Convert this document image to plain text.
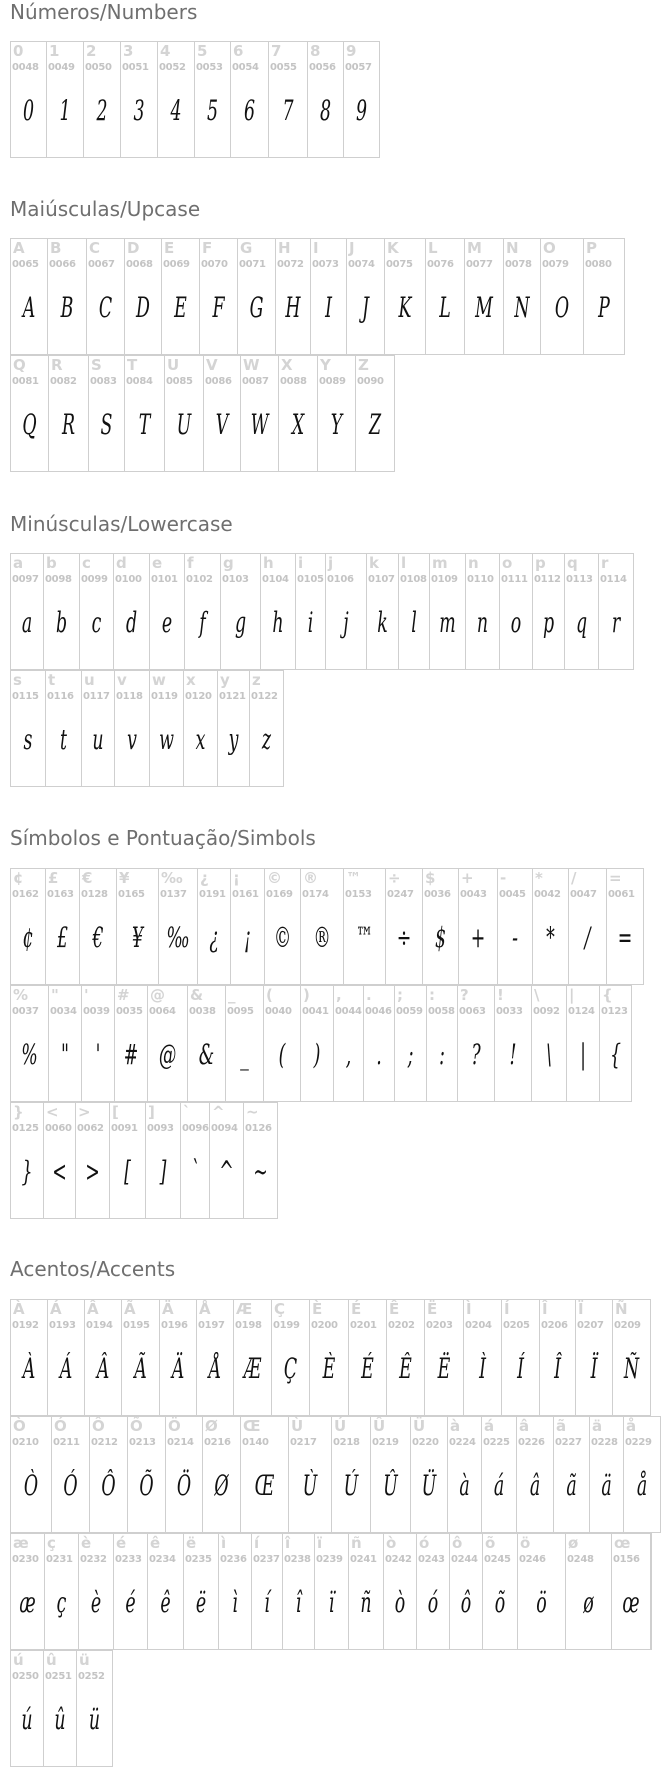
Números/Numbers
0
0048
0
1
0049
1
2
0050
2
3
0051
3
4
0052
4
5
0053
5
6
0054
6
7
0055
7
8
0056
8
9
0057
9
Maiúsculas/Upcase
A
0065
A
B
0066
B
C
0067
C
D
0068
D
E
0069
E
F
0070
F
G
0071
G
H
0072
H
I
0073
I
J
0074
J
K
0075
K
L
0076
L
M
0077
M
N
0078
N
O
0079
O
P
0080
P
Q
0081
Q
R
0082
R
S
0083
S
T
0084
T
U
0085
U
V
0086
V
W
0087
W
X
0088
X
Y
0089
Y
Z
0090
Z
Minúsculas/Lowercase
a
0097
a
b
0098
b
c
0099
c
d
0100
d
e
0101
e
f
0102
f
g
0103
g
h
0104
h
i
0105
i
j
0106
j
k
0107
k
l
0108
l
m
0109
m
n
0110
n
o
0111
o
p
0112
p
q
0113
q
r
0114
r
s
0115
s
t
0116
t
u
0117
u
v
0118
v
w
0119
w
x
0120
x
y
0121
y
z
0122
z
Símbolos e Pontuação/Simbols
¢
0162
¢
£
0163
£
€
0128
€
¥
0165
¥
‰
0137
‰
¿
0191
¿
¡
0161
¡
©
0169
©
®
0174
®
™
0153
™
÷
0247
÷
$
0036
$
+
0043
+
-
0045
-
*
0042
*
/
0047
/
=
0061
=
%
0037
%
"
0034
"
'
0039
'
#
0035
#
@
0064
@
&
0038
&
_
0095
_
(
0040
(
)
0041
)
,
0044
,
.
0046
.
;
0059
;
:
0058
:
?
0063
?
!
0033
!
\
0092
\
|
0124
|
{
0123
{
}
0125
}
<
0060
<
>
0062
>
[
0091
[
]
0093
]
`
0096
`
^
0094
^
~
0126
~
Acentos/Accents
À
0192
À
Á
0193
Á
Â
0194
Â
Ã
0195
Ã
Ä
0196
Ä
Å
0197
Å
Æ
0198
Æ
Ç
0199
Ç
È
0200
È
É
0201
É
Ê
0202
Ê
Ë
0203
Ë
Ì
0204
Ì
Í
0205
Í
Î
0206
Î
Ï
0207
Ï
Ñ
0209
Ñ
Ò
0210
Ò
Ó
0211
Ó
Ô
0212
Ô
Õ
0213
Õ
Ö
0214
Ö
Ø
0216
Ø
Œ
0140
Œ
Ù
0217
Ù
Ú
0218
Ú
Û
0219
Û
Ü
0220
Ü
à
0224
à
á
0225
á
â
0226
â
ã
0227
ã
ä
0228
ä
å
0229
å
æ
0230
æ
ç
0231
ç
è
0232
è
é
0233
é
ê
0234
ê
ë
0235
ë
ì
0236
ì
í
0237
í
î
0238
î
ï
0239
ï
ñ
0241
ñ
ò
0242
ò
ó
0243
ó
ô
0244
ô
õ
0245
õ
ö
0246
ö
ø
0248
ø
œ
0156
œ
ú
0250
ú
û
0251
û
ü
0252
ü
